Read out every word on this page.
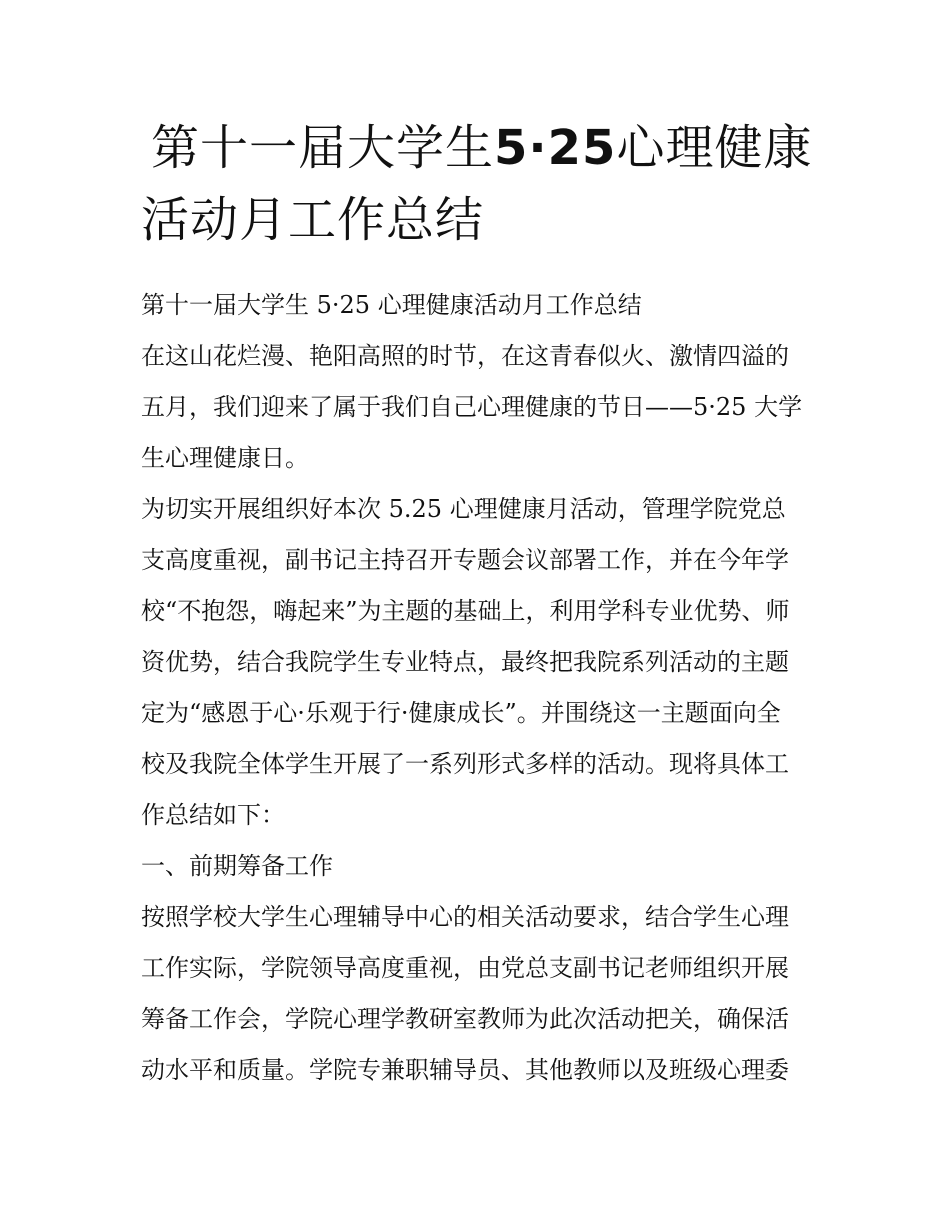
第十一届大学生5·25心理健康
活动月工作总结

第十一届大学生 5·25 心理健康活动月工作总结

在这山花烂漫、艳阳高照的时节，在这青春似火、激情四溢的
五月，我们迎来了属于我们自己心理健康的节日——5·25 大学
生心理健康日。

为切实开展组织好本次 5.25 心理健康月活动，管理学院党总
支高度重视，副书记主持召开专题会议部署工作，并在今年学
校“不抱怨，嗨起来”为主题的基础上，利用学科专业优势、师
资优势，结合我院学生专业特点，最终把我院系列活动的主题
定为“感恩于心·乐观于行·健康成长”。并围绕这一主题面向全
校及我院全体学生开展了一系列形式多样的活动。现将具体工
作总结如下：

一、前期筹备工作

按照学校大学生心理辅导中心的相关活动要求，结合学生心理
工作实际，学院领导高度重视，由党总支副书记老师组织开展
筹备工作会，学院心理学教研室教师为此次活动把关，确保活
动水平和质量。学院专兼职辅导员、其他教师以及班级心理委
